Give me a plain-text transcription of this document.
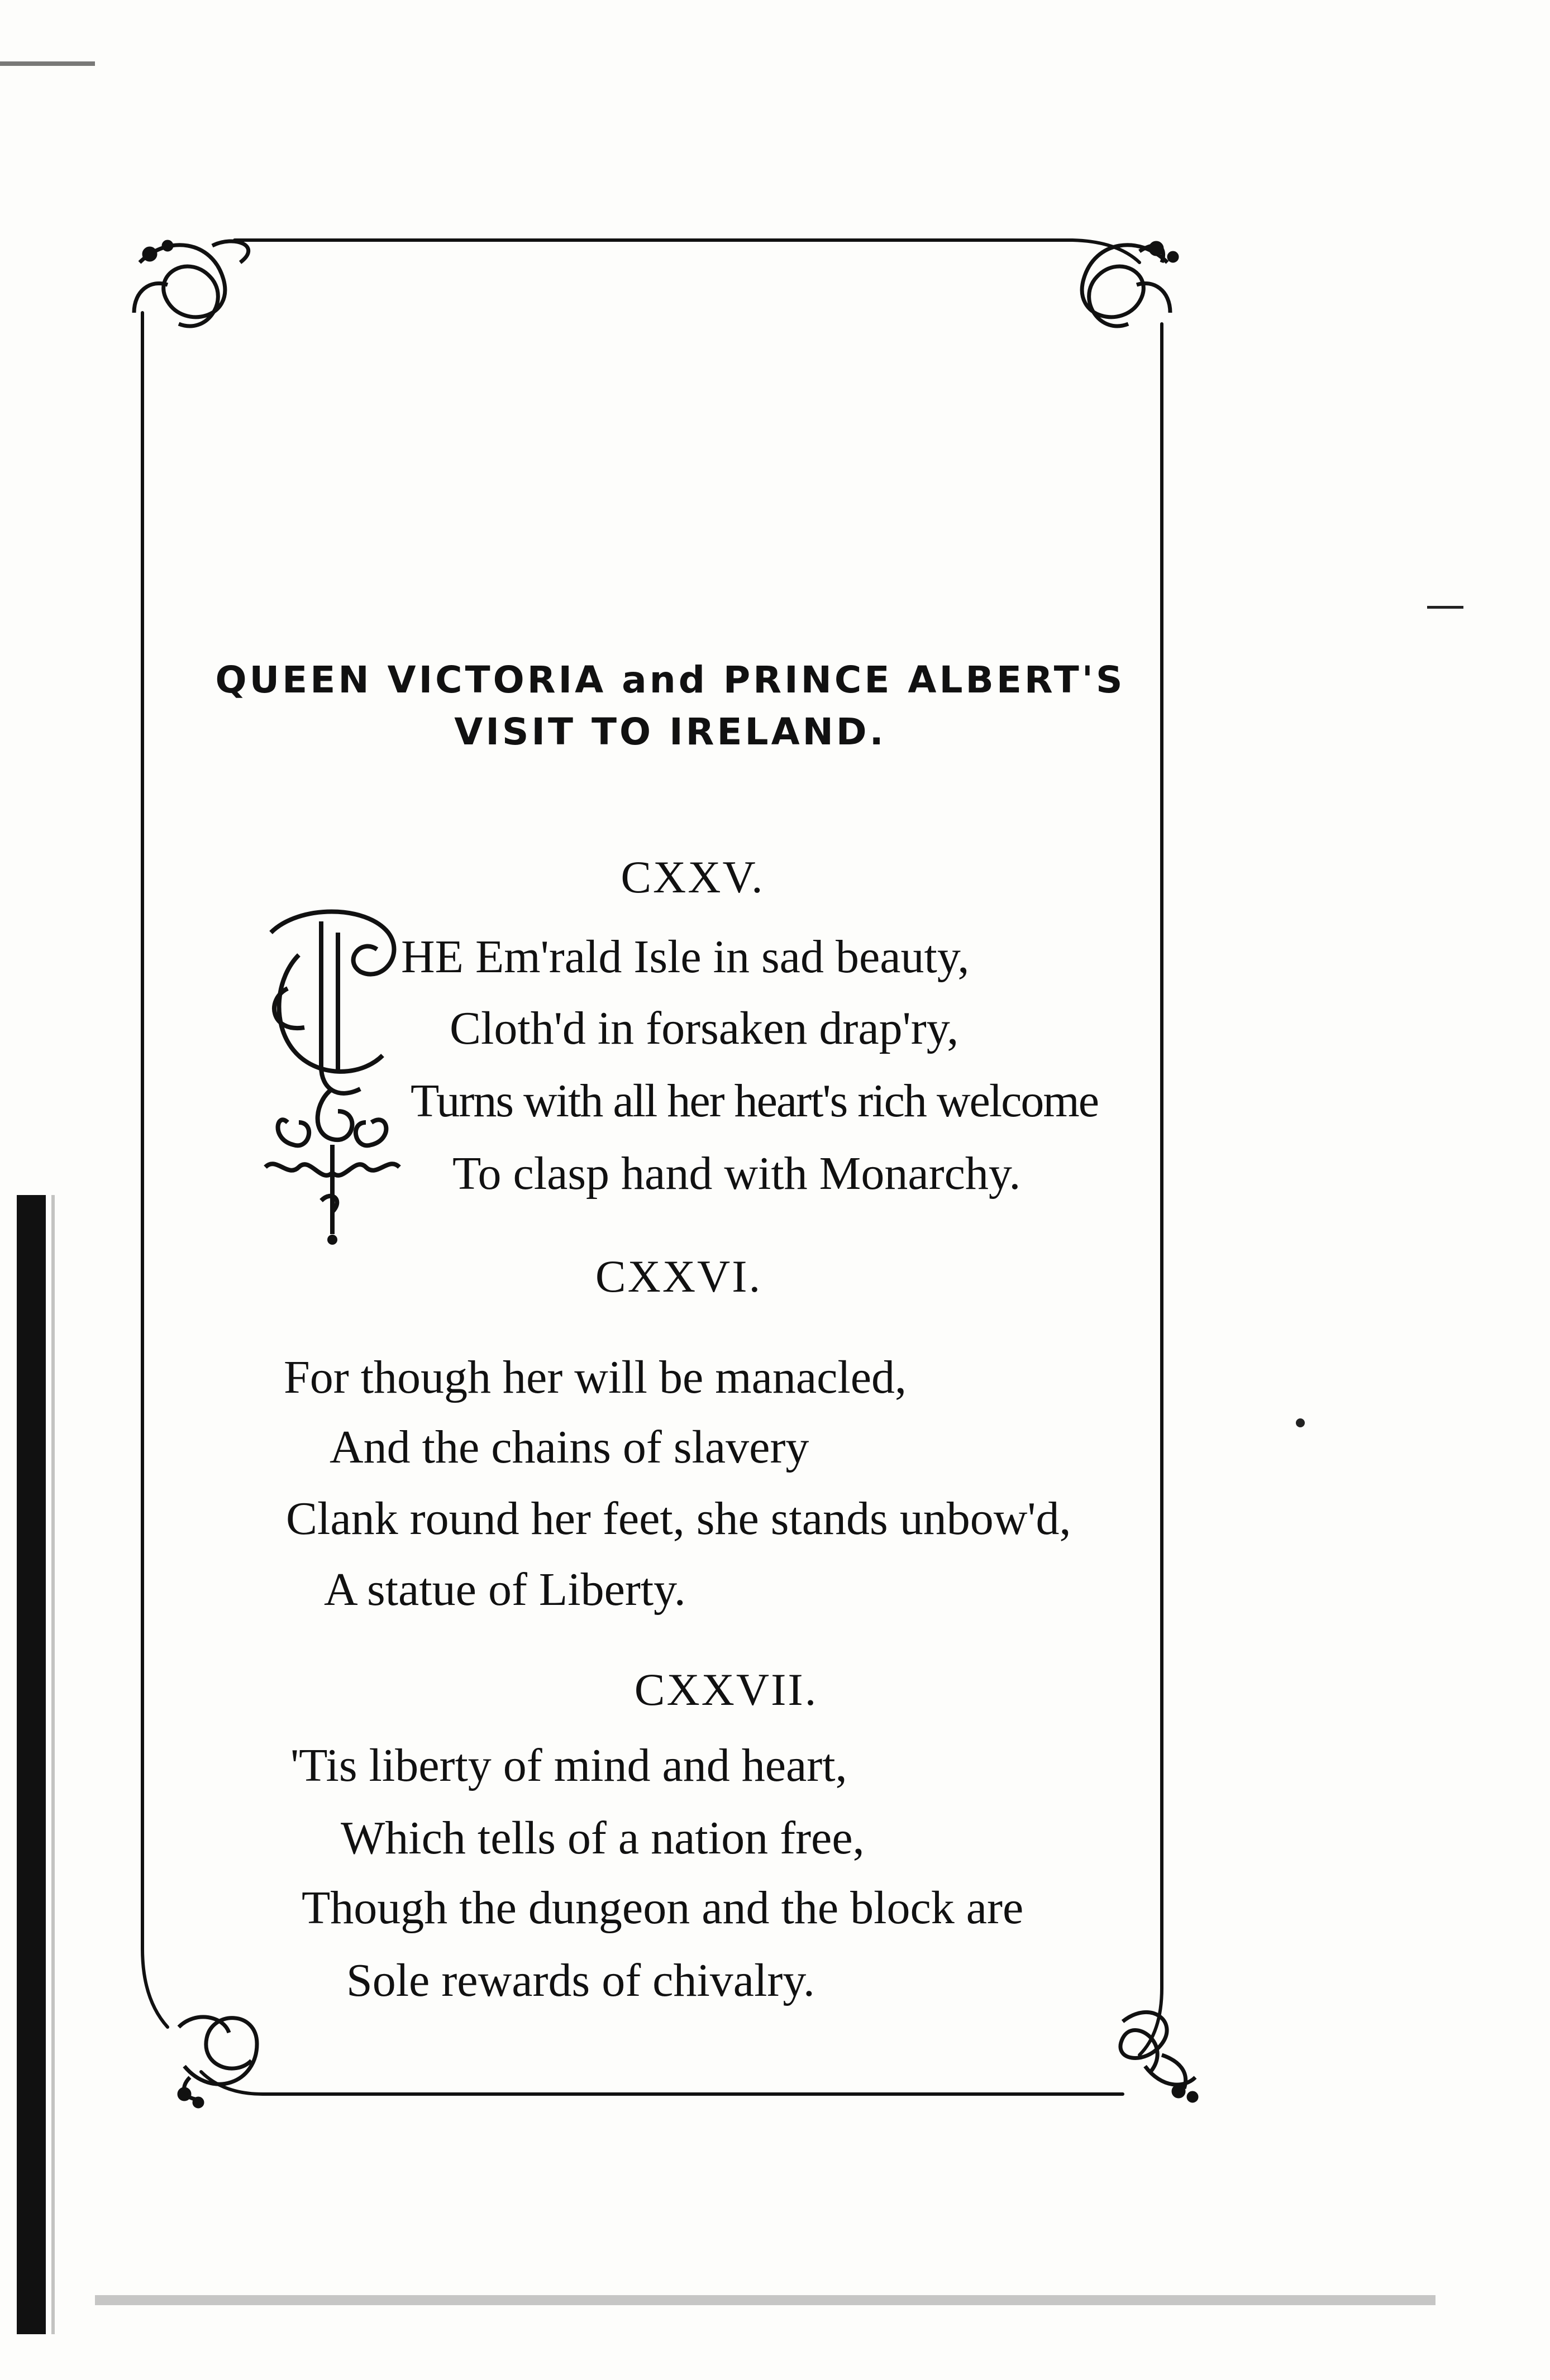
QUEEN VICTORIA and PRINCE ALBERT'S
VISIT TO IRELAND.
CXXV.
HE Em'rald Isle in sad beauty,
Cloth'd in forsaken drap'ry,
Turns with all her heart's rich welcome
To clasp hand with Monarchy.
CXXVI.
For though her will be manacled,
And the chains of slavery
Clank round her feet, she stands unbow'd,
A statue of Liberty.
CXXVII.
'Tis liberty of mind and heart,
Which tells of a nation free,
Though the dungeon and the block are
Sole rewards of chivalry.
